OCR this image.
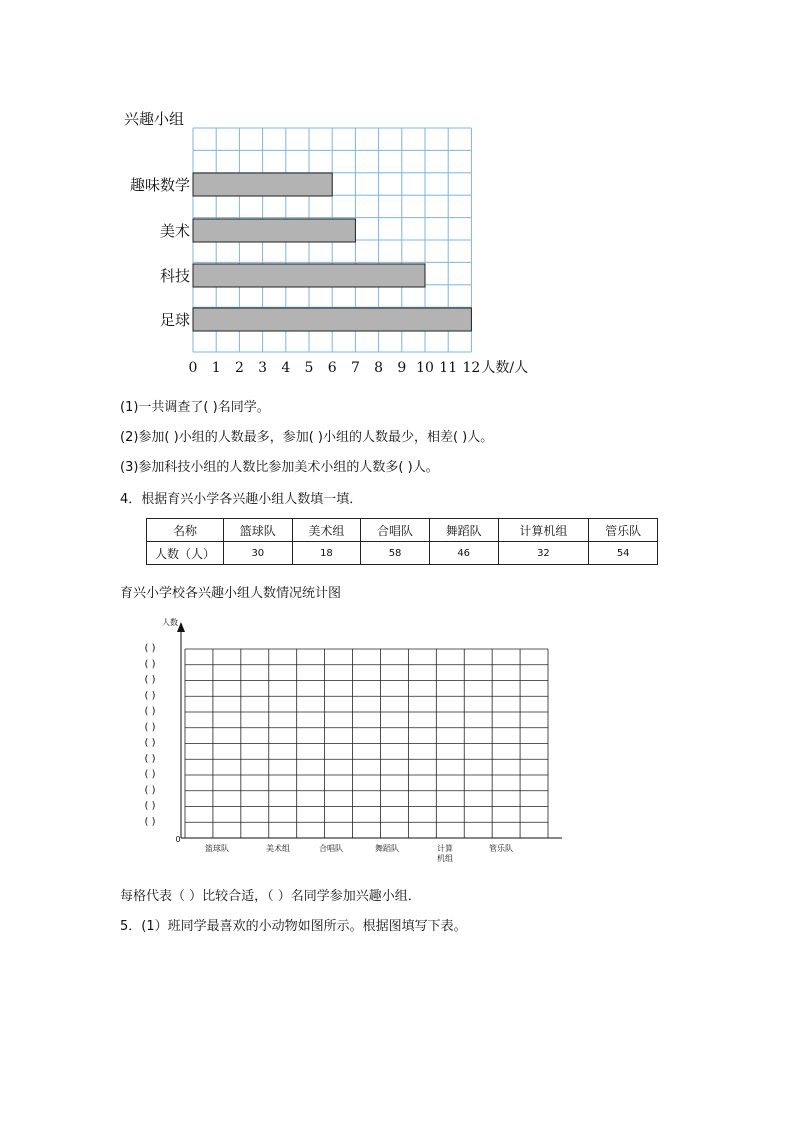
兴趣小组
趣味数学
美术
科技
足球
0 1 2 3 4 5 6 7 8 9 10 11 12 人数/人
(1)一共调查了( )名同学。
(2)参加( )小组的人数最多，参加( )小组的人数最少，相差( )人。
(3)参加科技小组的人数比参加美术小组的人数多( )人。
4．根据育兴小学各兴趣小组人数填一填．
名称	篮球队	美术组	合唱队	舞蹈队	计算机组	管乐队
人数（人）	30	18	58	46	32	54
育兴小学校各兴趣小组人数情况统计图
人数
0
( )
( )
( )
( )
( )
( )
( )
( )
( )
( )
( )
( )
篮球队	美术组	合唱队	舞蹈队	计算
机组
管乐队
每格代表（ ）比较合适，（ ）名同学参加兴趣小组．
5．(1）班同学最喜欢的小动物如图所示。根据图填写下表。
